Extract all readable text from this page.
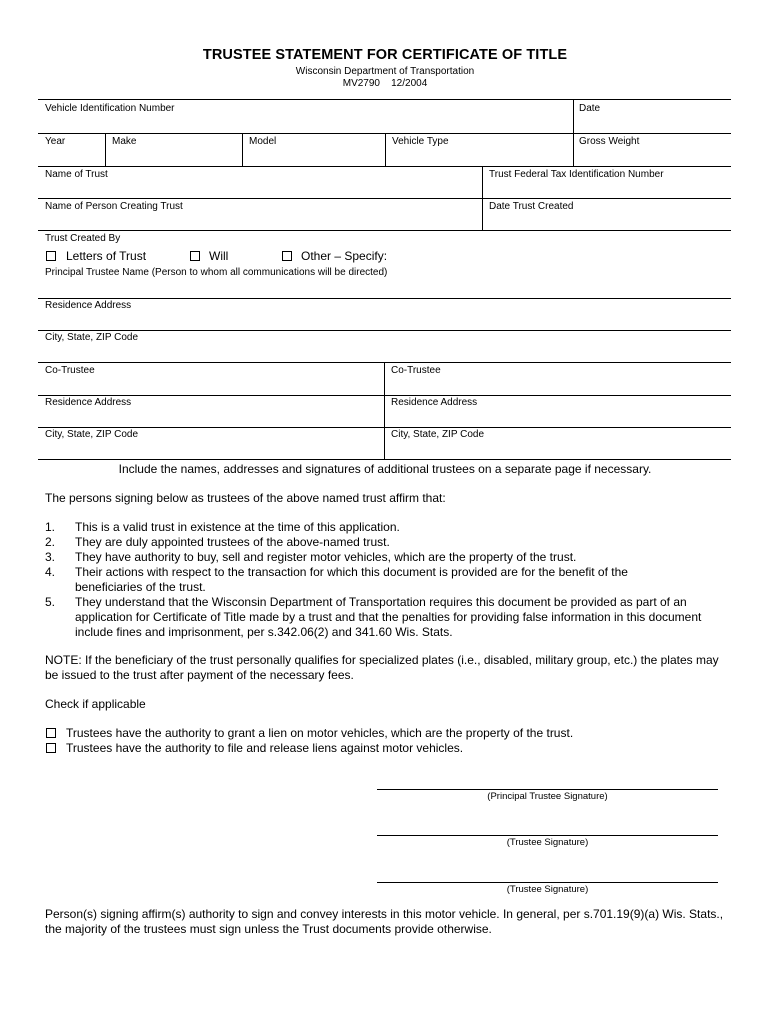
TRUSTEE STATEMENT FOR CERTIFICATE OF TITLE
Wisconsin Department of Transportation
MV2790 12/2004
Vehicle Identification Number	Date
Year	Make	Model	Vehicle Type	Gross Weight
Name of Trust	Trust Federal Tax Identification Number
Name of Person Creating Trust	Date Trust Created
Trust Created By
Letters of Trust	Will	Other – Specify:
Principal Trustee Name (Person to whom all communications will be directed)
Residence Address
City, State, ZIP Code
Co-Trustee	Co-Trustee
Residence Address	Residence Address
City, State, ZIP Code	City, State, ZIP Code
Include the names, addresses and signatures of additional trustees on a separate page if necessary.
The persons signing below as trustees of the above named trust affirm that:
1. This is a valid trust in existence at the time of this application.
2. They are duly appointed trustees of the above-named trust.
3. They have authority to buy, sell and register motor vehicles, which are the property of the trust.
4. Their actions with respect to the transaction for which this document is provided are for the benefit of the beneficiaries of the trust.
5. They understand that the Wisconsin Department of Transportation requires this document be provided as part of an application for Certificate of Title made by a trust and that the penalties for providing false information in this document include fines and imprisonment, per s.342.06(2) and 341.60 Wis. Stats.
NOTE: If the beneficiary of the trust personally qualifies for specialized plates (i.e., disabled, military group, etc.) the plates may be issued to the trust after payment of the necessary fees.
Check if applicable
Trustees have the authority to grant a lien on motor vehicles, which are the property of the trust.
Trustees have the authority to file and release liens against motor vehicles.
(Principal Trustee Signature)
(Trustee Signature)
(Trustee Signature)
Person(s) signing affirm(s) authority to sign and convey interests in this motor vehicle. In general, per s.701.19(9)(a) Wis. Stats., the majority of the trustees must sign unless the Trust documents provide otherwise.
